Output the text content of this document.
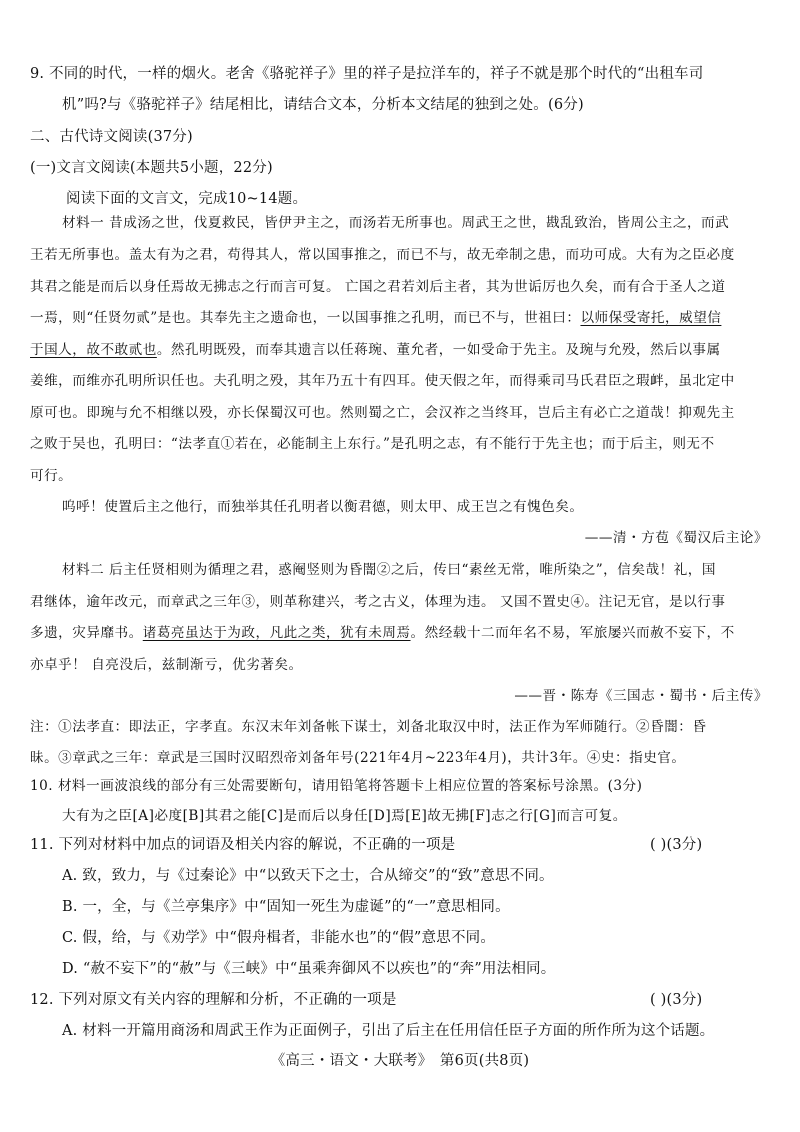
9. 不同的时代，一样的烟火。老舍《骆驼祥子》里的祥子是拉洋车的，祥子不就是那个时代的“出租车司
机”吗?与《骆驼祥子》结尾相比，请结合文本，分析本文结尾的独到之处。(6分)
二、古代诗文阅读(37分)
(一)文言文阅读(本题共5小题，22分)
阅读下面的文言文，完成10~14题。
材料一 昔成汤之世，伐夏救民，皆伊尹主之，而汤若无所事也。周武王之世，戡乱致治，皆周公主之，而武
王若无所事也。盖太有为之君，苟得其人，常以国事推之，而已不与，故无牵制之患，而功可成。大有为之臣必度
其君之能是而后以身任焉故无拂志之行而言可复。 亡国之君若刘后主者，其为世诟厉也久矣，而有合于圣人之道
一焉，则“任贤勿贰”是也。其奉先主之遗命也，一以国事推之孔明，而已不与，世祖曰：以师保受寄托，威望信
于国人，故不敢贰也。然孔明既殁，而奉其遗言以任蒋琬、董允者，一如受命于先主。及琬与允殁，然后以事属
姜维，而维亦孔明所识任也。夫孔明之殁，其年乃五十有四耳。使天假之年，而得乘司马氏君臣之瑕衅，虽北定中
原可也。即琬与允不相继以殁，亦长保蜀汉可也。然则蜀之亡，会汉祚之当终耳，岂后主有必亡之道哉！抑观先主
之败于吴也，孔明曰：“法孝直①若在，必能制主上东行。”是孔明之志，有不能行于先主也；而于后主，则无不
可行。
呜呼！使置后主之他行，而独举其任孔明者以衡君德，则太甲、成王岂之有愧色矣。
——清・方苞《蜀汉后主论》
材料二 后主任贤相则为循理之君，惑阉竖则为昏闇②之后，传曰“素丝无常，唯所染之”，信矣哉！礼，国
君继体，逾年改元，而章武之三年③，则革称建兴，考之古义，体理为违。 又国不置史④。注记无官，是以行事
多遗，灾异靡书。诸葛亮虽达于为政，凡此之类，犹有未周焉。然经载十二而年名不易，军旅屡兴而赦不妄下，不
亦卓乎！ 自亮没后，兹制渐亏，优劣著矣。
——晋・陈寿《三国志・蜀书・后主传》
注：①法孝直：即法正，字孝直。东汉末年刘备帐下谋士，刘备北取汉中时，法正作为军师随行。②昏闇：昏
昧。③章武之三年：章武是三国时汉昭烈帝刘备年号(221年4月~223年4月)，共计3年。④史：指史官。
10. 材料一画波浪线的部分有三处需要断句，请用铅笔将答题卡上相应位置的答案标号涂黑。(3分)
大有为之臣[A]必度[B]其君之能[C]是而后以身任[D]焉[E]故无拂[F]志之行[G]而言可复。
11. 下列对材料中加点的词语及相关内容的解说，不正确的一项是	( )(3分)
A. 致，致力，与《过秦论》中“以致天下之士，合从缔交”的“致”意思不同。
B. 一，全，与《兰亭集序》中“固知一死生为虚诞”的“一”意思相同。
C. 假，给，与《劝学》中“假舟楫者，非能水也”的“假”意思不同。
D. “赦不妄下”的“赦”与《三峡》中“虽乘奔御风不以疾也”的“奔”用法相同。
12. 下列对原文有关内容的理解和分析，不正确的一项是	( )(3分)
A. 材料一开篇用商汤和周武王作为正面例子，引出了后主在任用信任臣子方面的所作所为这个话题。
《高三・语文・大联考》　第6页(共8页)
